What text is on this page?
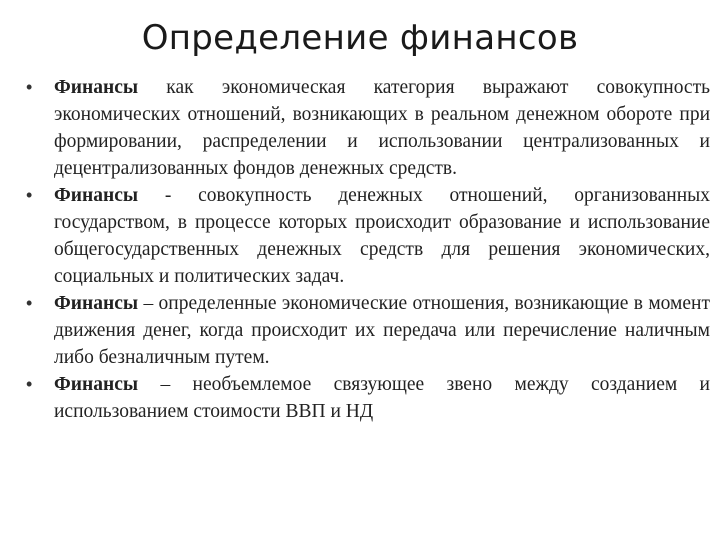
Определение финансов
• Финансы как экономическая категория выражают совокупность экономических отношений, возникающих в реальном денежном обороте при формировании, распределении и использовании централизованных и децентрализованных фондов денежных средств.
• Финансы - совокупность денежных отношений, организованных государством, в процессе которых происходит образование и использование общегосударственных денежных средств для решения экономических, социальных и политических задач.
• Финансы – определенные экономические отношения, возникающие в момент движения денег, когда происходит их передача или перечисление наличным либо безналичным путем.
• Финансы – необъемлемое связующее звено между созданием и использованием стоимости ВВП и НД
